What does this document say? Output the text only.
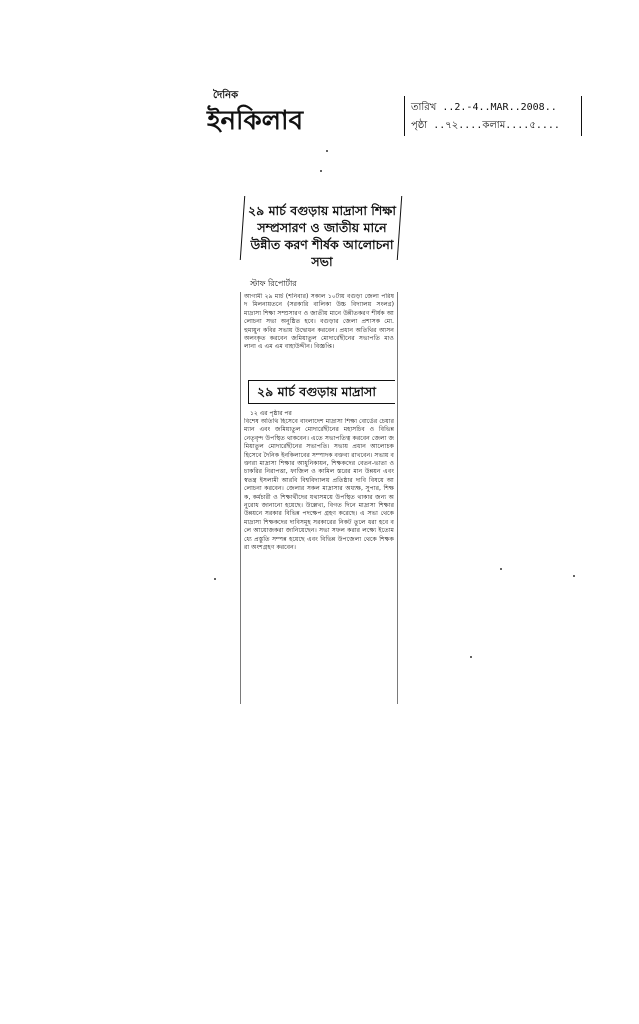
দৈনিক
ইনকিলাব	তারিখ ..2.-4..MAR..2008..
পৃষ্ঠা ..৭২....কলাম....৫....
২৯ মার্চ বগুড়ায় মাদ্রাসা শিক্ষা সম্প্রসারণ ও জাতীয় মানে উন্নীত করণ শীর্ষক আলোচনা সভা
স্টাফ রিপোর্টার
আগামী ২৯ মার্চ (শনিবার) সকাল ১০টায় বগুড়া জেলা পরিষদ মিলনায়তনে (সরকারি বালিকা উচ্চ বিদ্যালয় সংলগ্ন) মাদ্রাসা শিক্ষা সম্প্রসারণ ও জাতীয় মানে উন্নীতকরণ শীর্ষক আলোচনা সভা অনুষ্ঠিত হবে। বগুড়ার জেলা প্রশাসক মো. হুমায়ুন কবির সভায় উদ্বোধন করবেন। প্রধান অতিথির আসন অলংকৃত করবেন জমিয়াতুল মোদার্রেছীনের সভাপতি মাওলানা এ এম এম বাহাউদ্দীন। বিজ্ঞপ্তি।
২৯ মার্চ বগুড়ায় মাদ্রাসা
১২ এর পৃষ্ঠার পর
বিশেষ অতিথি হিসেবে বাংলাদেশ মাদ্রাসা শিক্ষা বোর্ডের চেয়ারম্যান এবং জমিয়াতুল মোদার্রেছীনের মহাসচিব ও বিভিন্ন নেতৃবৃন্দ উপস্থিত থাকবেন। এতে সভাপতিত্ব করবেন জেলা জমিয়াতুল মোদার্রেছীনের সভাপতি। সভায় প্রধান আলোচক হিসেবে দৈনিক ইনকিলাবের সম্পাদক বক্তব্য রাখবেন। সভায় বক্তারা মাদ্রাসা শিক্ষার আধুনিকায়ন, শিক্ষকদের বেতন-ভাতা ও চাকরির নিরাপত্তা, ফাজিল ও কামিল স্তরের মান উন্নয়ন এবং স্বতন্ত্র ইসলামী আরবি বিশ্ববিদ্যালয় প্রতিষ্ঠার দাবি বিষয়ে আলোচনা করবেন। জেলার সকল মাদ্রাসার অধ্যক্ষ, সুপার, শিক্ষক, কর্মচারী ও শিক্ষার্থীদের যথাসময়ে উপস্থিত থাকার জন্য অনুরোধ জানানো হয়েছে। উল্লেখ্য, বিগত দিনে মাদ্রাসা শিক্ষার উন্নয়নে সরকার বিভিন্ন পদক্ষেপ গ্রহণ করেছে। এ সভা থেকে মাদ্রাসা শিক্ষকদের দাবিসমূহ সরকারের নিকট তুলে ধরা হবে বলে আয়োজকরা জানিয়েছেন। সভা সফল করার লক্ষ্যে ইতোমধ্যে প্রস্তুতি সম্পন্ন হয়েছে এবং বিভিন্ন উপজেলা থেকে শিক্ষকরা অংশগ্রহণ করবেন।
